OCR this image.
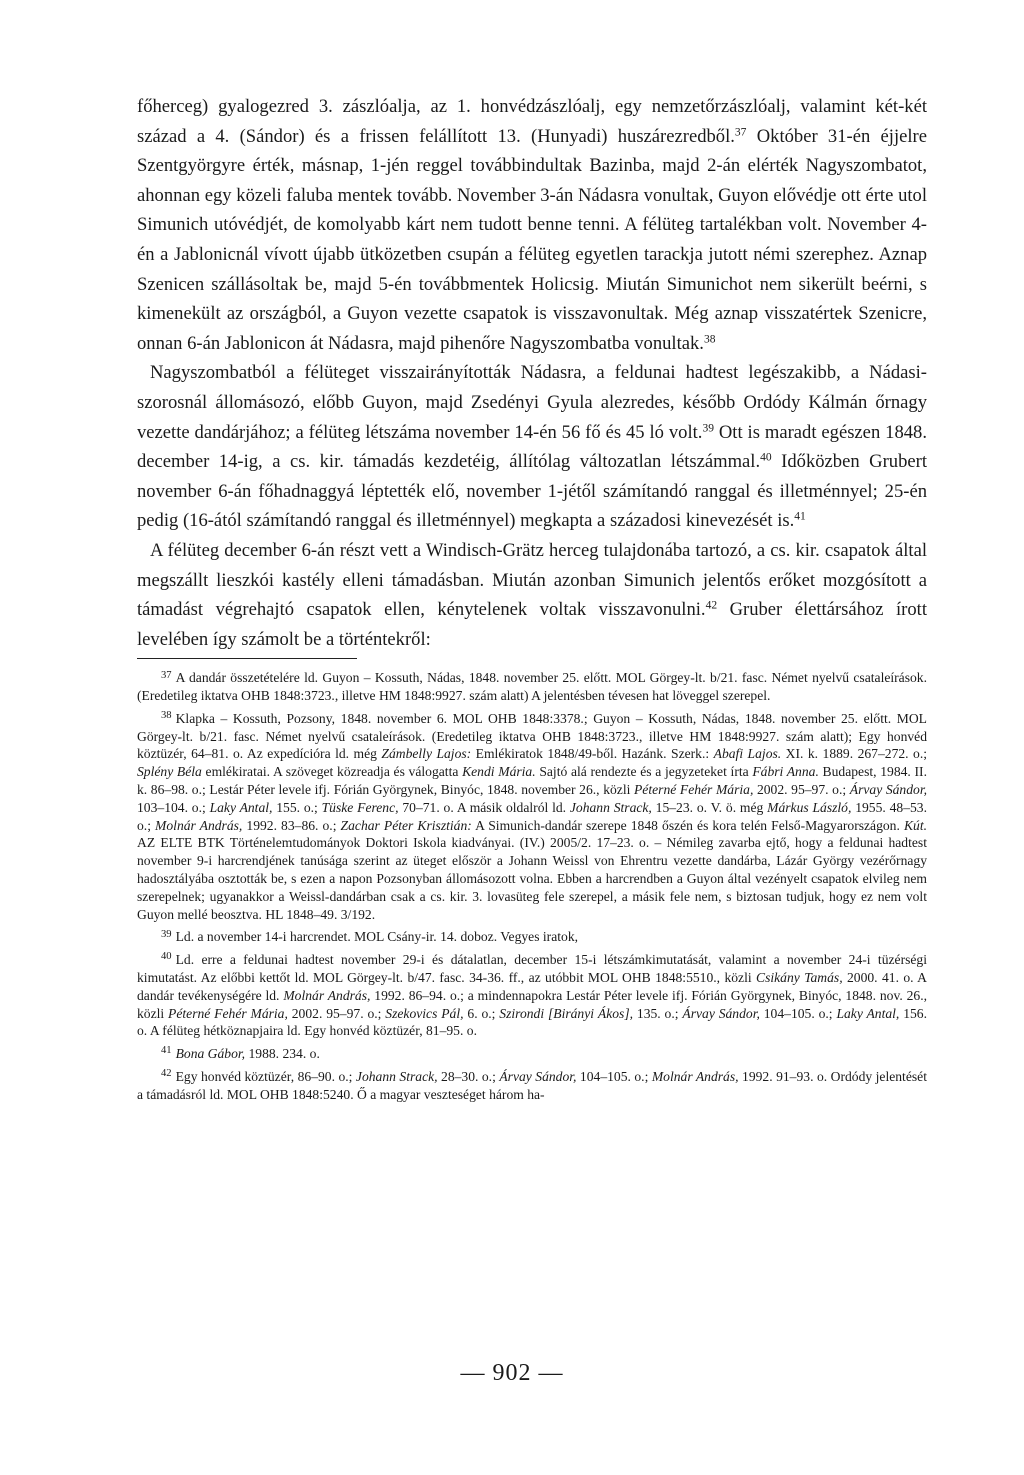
főherceg) gyalogezred 3. zászlóalja, az 1. honvédzászlóalj, egy nemzetőrzászlóalj, valamint két-két század a 4. (Sándor) és a frissen felállított 13. (Hunyadi) huszárezredből.$^{37}$ Október 31-én éjjelre Szentgyörgyre érték, másnap, 1-jén reggel továbbindultak Bazinba, majd 2-án elérték Nagyszombatot, ahonnan egy közeli faluba mentek tovább. November 3-án Nádasra vonultak, Guyon elővédje ott érte utol Simunich utóvédjét, de komolyabb kárt nem tudott benne tenni. A félüteg tartalékban volt. November 4-én a Jablonicnál vívott újabb ütközetben csupán a félüteg egyetlen tarackja jutott némi szerephez. Aznap Szenicen szállásoltak be, majd 5-én továbbmentek Holicsig. Miután Simunichot nem sikerült beérni, s kimenekült az országból, a Guyon vezette csapatok is visszavonultak. Még aznap visszatértek Szenicre, onnan 6-án Jablonicon át Nádasra, majd pihenőre Nagyszombatba vonultak.$^{38}$

Nagyszombatból a félüteget visszairányították Nádasra, a feldunai hadtest legészakibb, a Nádasi-szorosnál állomásozó, előbb Guyon, majd Zsedényi Gyula alezredes, később Ordódy Kálmán őrnagy vezette dandárjához; a félüteg létszáma november 14-én 56 fő és 45 ló volt.$^{39}$ Ott is maradt egészen 1848. december 14-ig, a cs. kir. támadás kezdetéig, állítólag változatlan létszámmal.$^{40}$ Időközben Grubert november 6-án főhadnaggyá léptették elő, november 1-jétől számítandó ranggal és illetménnyel; 25-én pedig (16-ától számítandó ranggal és illetménnyel) megkapta a századosi kinevezését is.$^{41}$

A félüteg december 6-án részt vett a Windisch-Grätz herceg tulajdonába tartozó, a cs. kir. csapatok által megszállt lieszkói kastély elleni támadásban. Miután azonban Simunich jelentős erőket mozgósított a támadást végrehajtó csapatok ellen, kénytelenek voltak visszavonulni.$^{42}$ Gruber élettársához írott levelében így számolt be a történtekről:

$^{37}$ A dandár összetételére ld. Guyon – Kossuth, Nádas, 1848. november 25. előtt. MOL Görgey-lt. b/21. fasc. Német nyelvű csataleírások. (Eredetileg iktatva OHB 1848:3723., illetve HM 1848:9927. szám alatt) A jelentésben tévesen hat löveggel szerepel.

$^{38}$ Klapka – Kossuth, Pozsony, 1848. november 6. MOL OHB 1848:3378.; Guyon – Kossuth, Nádas, 1848. november 25. előtt. MOL Görgey-lt. b/21. fasc. Német nyelvű csataleírások. (Eredetileg iktatva OHB 1848:3723., illetve HM 1848:9927. szám alatt); Egy honvéd köztüzér, 64–81. o. Az expedícióra ld. még Zámbelly Lajos: Emlékiratok 1848/49-ből. Hazánk. Szerk.: Abafi Lajos. XI. k. 1889. 267–272. o.; Splény Béla emlékiratai. A szöveget közreadja és válogatta Kendi Mária. Sajtó alá rendezte és a jegyzeteket írta Fábri Anna. Budapest, 1984. II. k. 86–98. o.; Lestár Péter levele ifj. Fórián Györgynek, Binyóc, 1848. november 26., közli Péterné Fehér Mária, 2002. 95–97. o.; Árvay Sándor, 103–104. o.; Laky Antal, 155. o.; Tüske Ferenc, 70–71. o. A másik oldalról ld. Johann Strack, 15–23. o. V. ö. még Márkus László, 1955. 48–53. o.; Molnár András, 1992. 83–86. o.; Zachar Péter Krisztián: A Simunich-dandár szerepe 1848 őszén és kora telén Felső-Magyarországon. Kút. AZ ELTE BTK Történelemtudományok Doktori Iskola kiadványai. (IV.) 2005/2. 17–23. o. – Némileg zavarba ejtő, hogy a feldunai hadtest november 9-i harcrendjének tanúsága szerint az üteget először a Johann Weissl von Ehrentru vezette dandárba, Lázár György vezérőrnagy hadosztályába osztották be, s ezen a napon Pozsonyban állomásozott volna. Ebben a harcrendben a Guyon által vezényelt csapatok elvileg nem szerepelnek; ugyanakkor a Weissl-dandárban csak a cs. kir. 3. lovasüteg fele szerepel, a másik fele nem, s biztosan tudjuk, hogy ez nem volt Guyon mellé beosztva. HL 1848–49. 3/192.

$^{39}$ Ld. a november 14-i harcrendet. MOL Csány-ir. 14. doboz. Vegyes iratok,

$^{40}$ Ld. erre a feldunai hadtest november 29-i és dátalatlan, december 15-i létszámkimutatását, valamint a november 24-i tüzérségi kimutatást. Az előbbi kettőt ld. MOL Görgey-lt. b/47. fasc. 34-36. ff., az utóbbit MOL OHB 1848:5510., közli Csikány Tamás, 2000. 41. o. A dandár tevékenységére ld. Molnár András, 1992. 86–94. o.; a mindennapokra Lestár Péter levele ifj. Fórián Györgynek, Binyóc, 1848. nov. 26., közli Péterné Fehér Mária, 2002. 95–97. o.; Szekovics Pál, 6. o.; Szirondi [Birányi Ákos], 135. o.; Árvay Sándor, 104–105. o.; Laky Antal, 156. o. A félüteg hétköznapjaira ld. Egy honvéd köztüzér, 81–95. o.

$^{41}$ Bona Gábor, 1988. 234. o.

$^{42}$ Egy honvéd köztüzér, 86–90. o.; Johann Strack, 28–30. o.; Árvay Sándor, 104–105. o.; Molnár András, 1992. 91–93. o. Ordódy jelentését a támadásról ld. MOL OHB 1848:5240. Ő a magyar veszteséget három ha-

— 902 —
